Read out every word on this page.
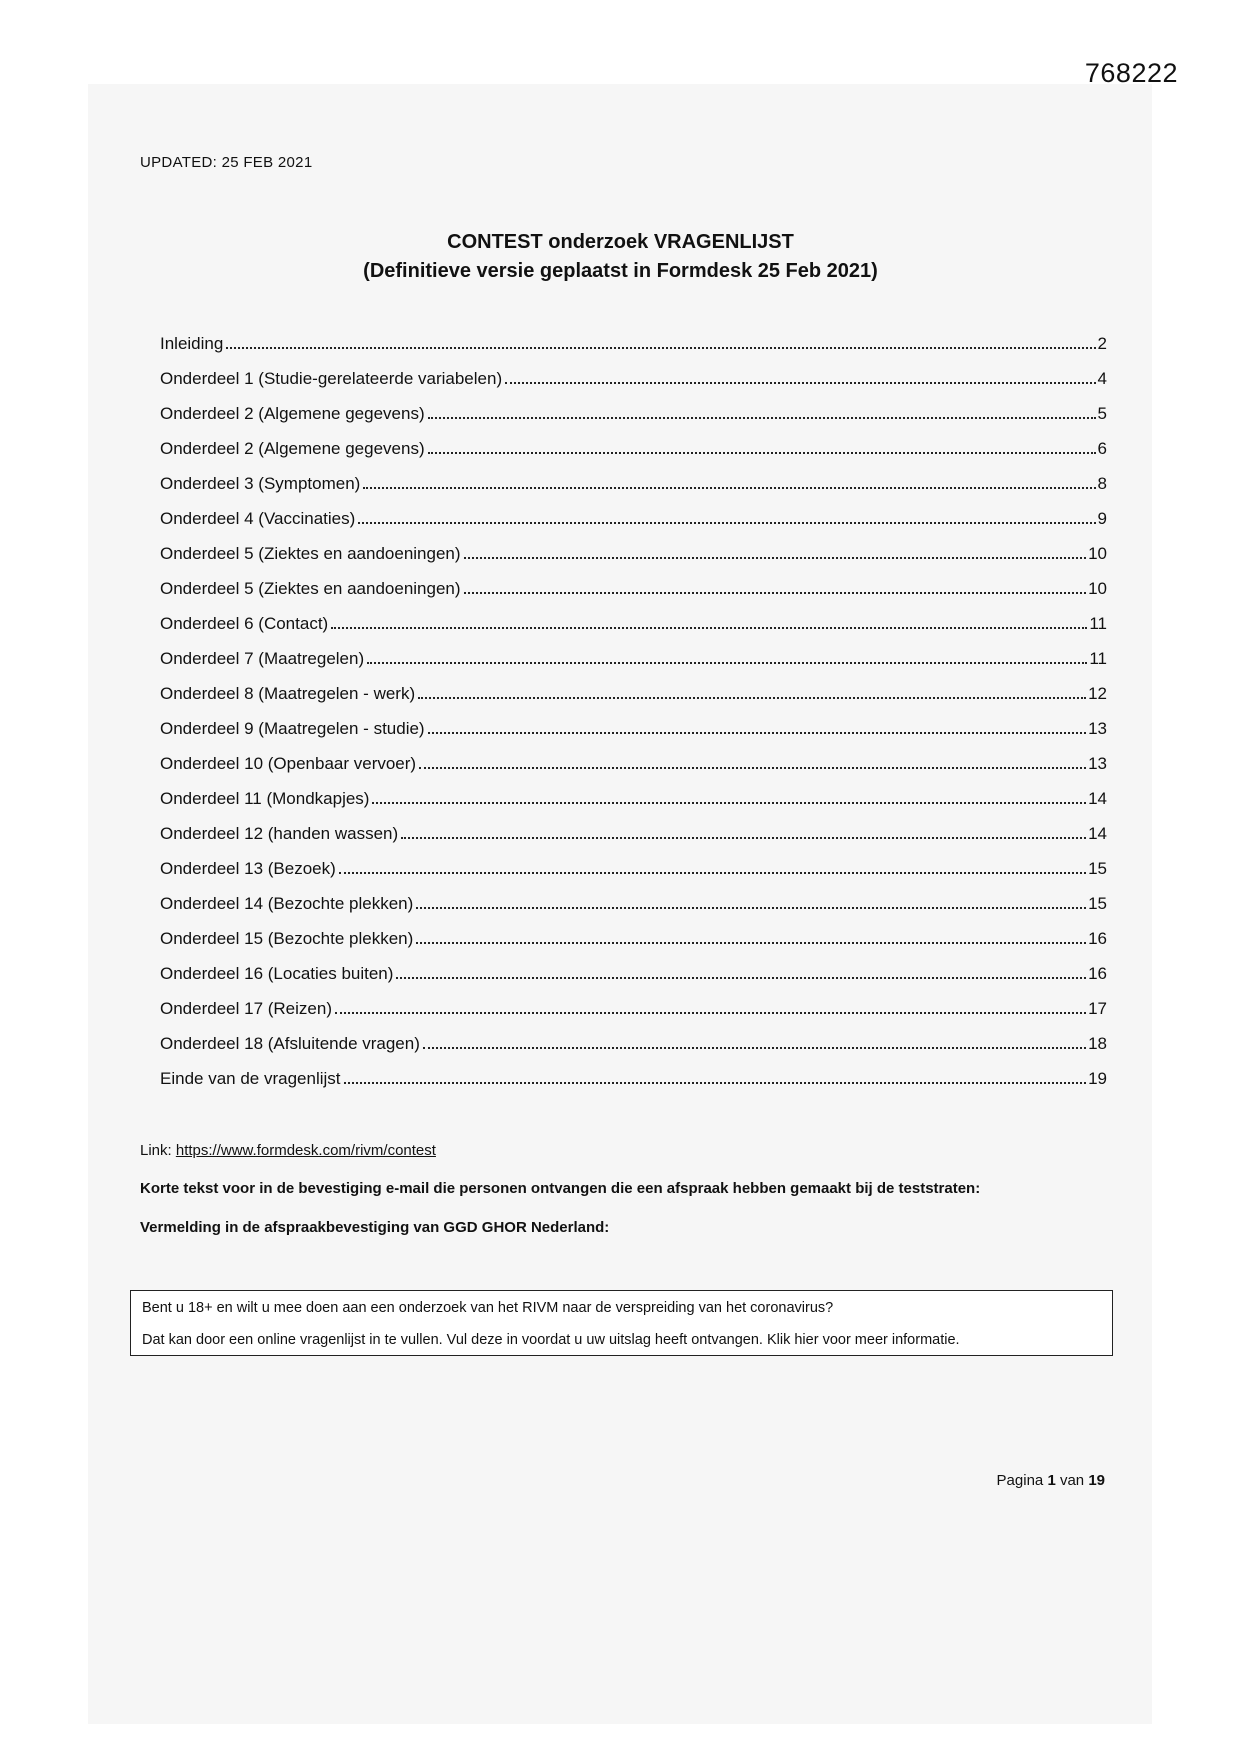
768222
UPDATED: 25 FEB 2021
CONTEST onderzoek VRAGENLIJST
(Definitieve versie geplaatst in Formdesk 25 Feb 2021)
Inleiding	2
Onderdeel 1 (Studie-gerelateerde variabelen)	4
Onderdeel 2 (Algemene gegevens)	5
Onderdeel 2 (Algemene gegevens)	6
Onderdeel 3 (Symptomen)	8
Onderdeel 4 (Vaccinaties)	9
Onderdeel 5 (Ziektes en aandoeningen)	10
Onderdeel 5 (Ziektes en aandoeningen)	10
Onderdeel 6 (Contact)	11
Onderdeel 7 (Maatregelen)	11
Onderdeel 8 (Maatregelen - werk)	12
Onderdeel 9 (Maatregelen - studie)	13
Onderdeel 10 (Openbaar vervoer)	13
Onderdeel 11 (Mondkapjes)	14
Onderdeel 12 (handen wassen)	14
Onderdeel 13 (Bezoek)	15
Onderdeel 14 (Bezochte plekken)	15
Onderdeel 15 (Bezochte plekken)	16
Onderdeel 16 (Locaties buiten)	16
Onderdeel 17 (Reizen)	17
Onderdeel 18 (Afsluitende vragen)	18
Einde van de vragenlijst	19
Link: https://www.formdesk.com/rivm/contest
Korte tekst voor in de bevestiging e-mail die personen ontvangen die een afspraak hebben gemaakt bij de teststraten:
Vermelding in de afspraakbevestiging van GGD GHOR Nederland:
Bent u 18+ en wilt u mee doen aan een onderzoek van het RIVM naar de verspreiding van het coronavirus?
Dat kan door een online vragenlijst in te vullen. Vul deze in voordat u uw uitslag heeft ontvangen. Klik hier voor meer informatie.
Pagina 1 van 19
